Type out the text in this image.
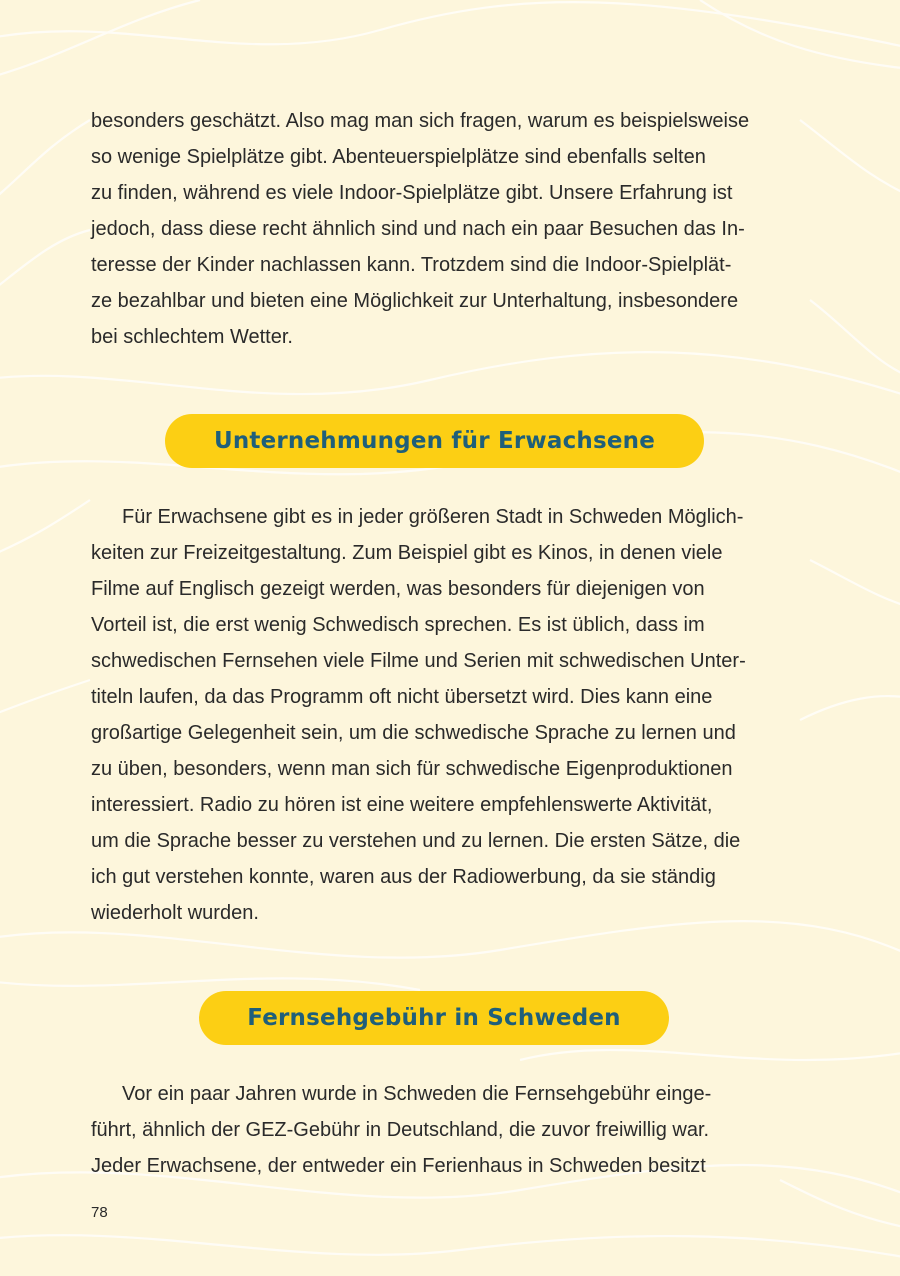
besonders geschätzt. Also mag man sich fragen, warum es beispielsweise
so wenige Spielplätze gibt. Abenteuerspielplätze sind ebenfalls selten
zu finden, während es viele Indoor-Spielplätze gibt. Unsere Erfahrung ist
jedoch, dass diese recht ähnlich sind und nach ein paar Besuchen das In-
teresse der Kinder nachlassen kann. Trotzdem sind die Indoor-Spielplät-
ze bezahlbar und bieten eine Möglichkeit zur Unterhaltung, insbesondere
bei schlechtem Wetter.
Unternehmungen für Erwachsene
Für Erwachsene gibt es in jeder größeren Stadt in Schweden Möglich-
keiten zur Freizeitgestaltung. Zum Beispiel gibt es Kinos, in denen viele
Filme auf Englisch gezeigt werden, was besonders für diejenigen von
Vorteil ist, die erst wenig Schwedisch sprechen. Es ist üblich, dass im
schwedischen Fernsehen viele Filme und Serien mit schwedischen Unter-
titeln laufen, da das Programm oft nicht übersetzt wird. Dies kann eine
großartige Gelegenheit sein, um die schwedische Sprache zu lernen und
zu üben, besonders, wenn man sich für schwedische Eigenproduktionen
interessiert. Radio zu hören ist eine weitere empfehlenswerte Aktivität,
um die Sprache besser zu verstehen und zu lernen. Die ersten Sätze, die
ich gut verstehen konnte, waren aus der Radiowerbung, da sie ständig
wiederholt wurden.
Fernsehgebühr in Schweden
Vor ein paar Jahren wurde in Schweden die Fernsehgebühr einge-
führt, ähnlich der GEZ-Gebühr in Deutschland, die zuvor freiwillig war.
Jeder Erwachsene, der entweder ein Ferienhaus in Schweden besitzt
78
